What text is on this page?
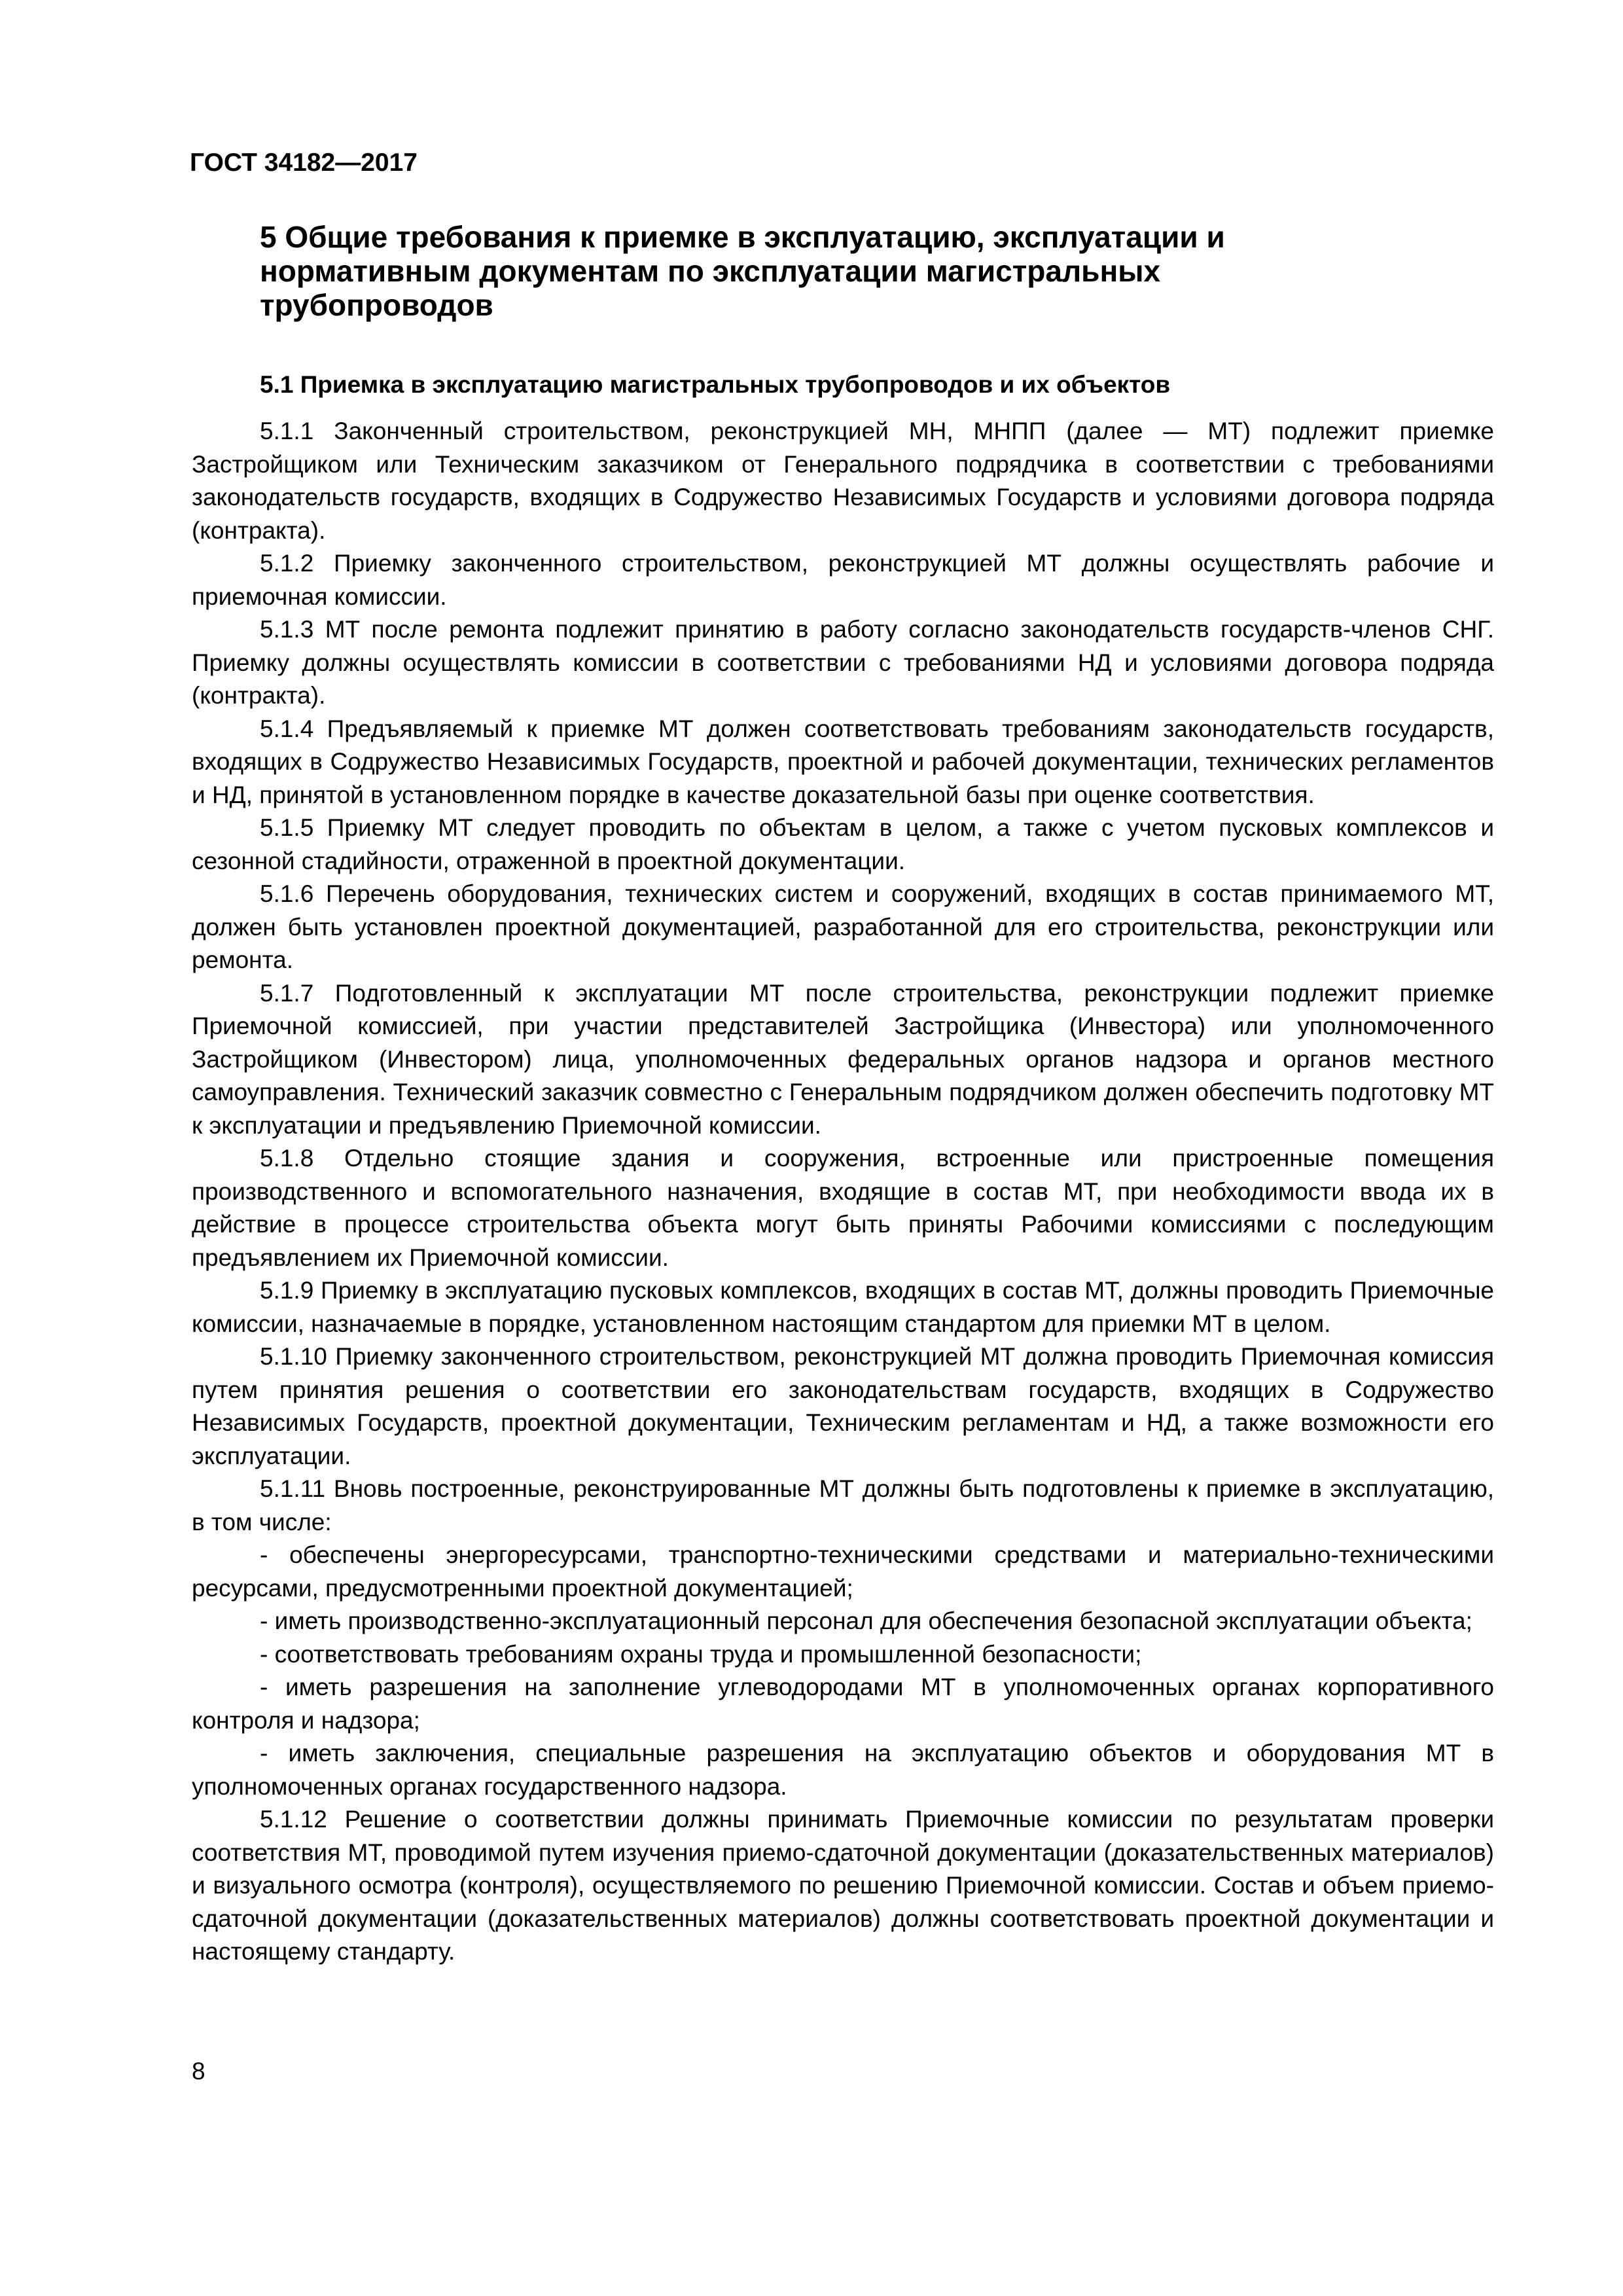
ГОСТ 34182—2017
5 Общие требования к приемке в эксплуатацию, эксплуатации и нормативным документам по эксплуатации магистральных трубопроводов
5.1 Приемка в эксплуатацию магистральных трубопроводов и их объектов

5.1.1 Законченный строительством, реконструкцией МН, МНПП (далее — МТ) подлежит приемке Застройщиком или Техническим заказчиком от Генерального подрядчика в соответствии с требованиями законодательств государств, входящих в Содружество Независимых Государств и условиями договора подряда (контракта).

5.1.2 Приемку законченного строительством, реконструкцией МТ должны осуществлять рабочие и приемочная комиссии.

5.1.3 МТ после ремонта подлежит принятию в работу согласно законодательств государств-членов СНГ. Приемку должны осуществлять комиссии в соответствии с требованиями НД и условиями договора подряда (контракта).

5.1.4 Предъявляемый к приемке МТ должен соответствовать требованиям законодательств государств, входящих в Содружество Независимых Государств, проектной и рабочей документации, технических регламентов и НД, принятой в установленном порядке в качестве доказательной базы при оценке соответствия.

5.1.5 Приемку МТ следует проводить по объектам в целом, а также с учетом пусковых комплексов и сезонной стадийности, отраженной в проектной документации.

5.1.6 Перечень оборудования, технических систем и сооружений, входящих в состав принимаемого МТ, должен быть установлен проектной документацией, разработанной для его строительства, реконструкции или ремонта.

5.1.7 Подготовленный к эксплуатации МТ после строительства, реконструкции подлежит приемке Приемочной комиссией, при участии представителей Застройщика (Инвестора) или уполномоченного Застройщиком (Инвестором) лица, уполномоченных федеральных органов надзора и органов местного самоуправления. Технический заказчик совместно с Генеральным подрядчиком должен обеспечить подготовку МТ к эксплуатации и предъявлению Приемочной комиссии.

5.1.8 Отдельно стоящие здания и сооружения, встроенные или пристроенные помещения производственного и вспомогательного назначения, входящие в состав МТ, при необходимости ввода их в действие в процессе строительства объекта могут быть приняты Рабочими комиссиями с последующим предъявлением их Приемочной комиссии.

5.1.9 Приемку в эксплуатацию пусковых комплексов, входящих в состав МТ, должны проводить Приемочные комиссии, назначаемые в порядке, установленном настоящим стандартом для приемки МТ в целом.

5.1.10 Приемку законченного строительством, реконструкцией МТ должна проводить Приемочная комиссия путем принятия решения о соответствии его законодательствам государств, входящих в Содружество Независимых Государств, проектной документации, Техническим регламентам и НД, а также возможности его эксплуатации.

5.1.11 Вновь построенные, реконструированные МТ должны быть подготовлены к приемке в эксплуатацию, в том числе:

- обеспечены энергоресурсами, транспортно-техническими средствами и материально-техническими ресурсами, предусмотренными проектной документацией;

- иметь производственно-эксплуатационный персонал для обеспечения безопасной эксплуатации объекта;

- соответствовать требованиям охраны труда и промышленной безопасности;

- иметь разрешения на заполнение углеводородами МТ в уполномоченных органах корпоративного контроля и надзора;

- иметь заключения, специальные разрешения на эксплуатацию объектов и оборудования МТ в уполномоченных органах государственного надзора.

5.1.12 Решение о соответствии должны принимать Приемочные комиссии по результатам проверки соответствия МТ, проводимой путем изучения приемо-сдаточной документации (доказательственных материалов) и визуального осмотра (контроля), осуществляемого по решению Приемочной комиссии. Состав и объем приемо-сдаточной документации (доказательственных материалов) должны соответствовать проектной документации и настоящему стандарту.

8
